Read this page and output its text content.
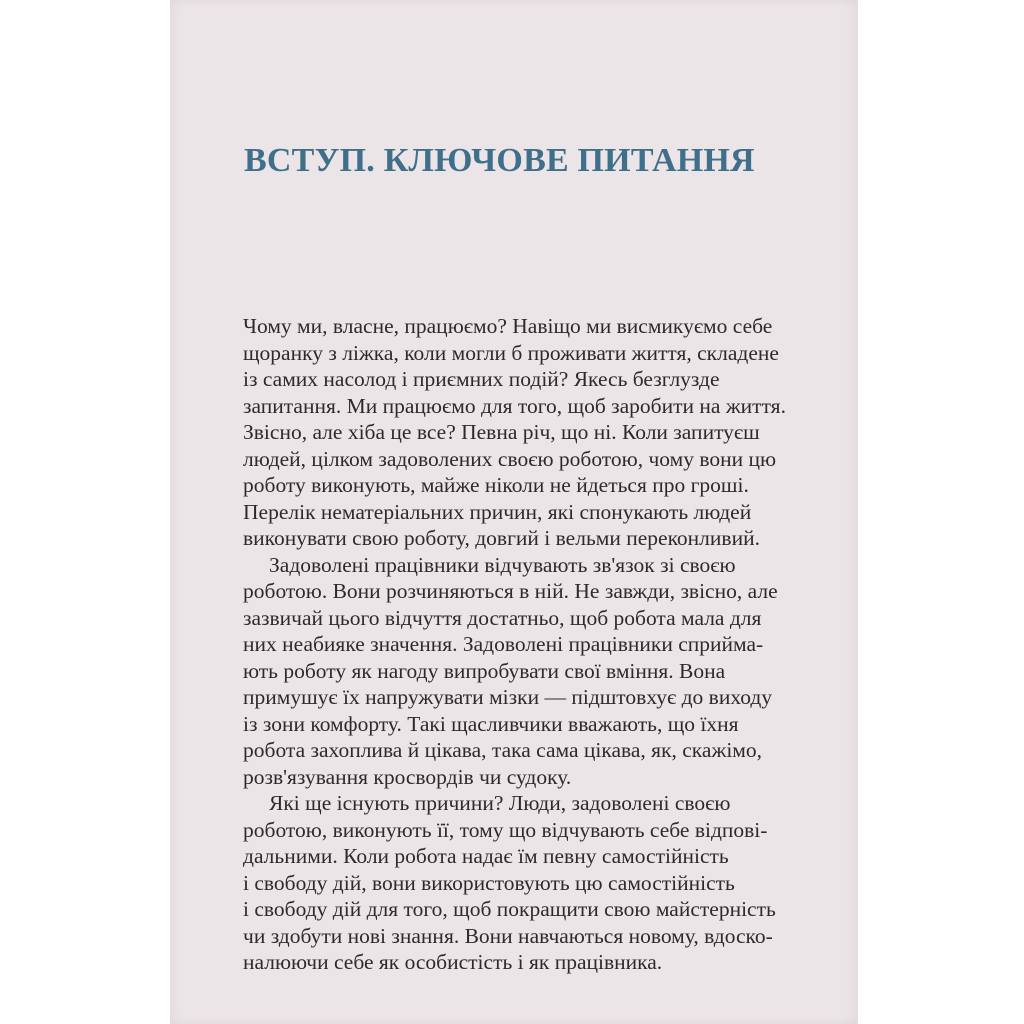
ВСТУП. КЛЮЧОВЕ ПИТАННЯ

Чому ми, власне, працюємо? Навіщо ми висмикуємо себе
щоранку з ліжка, коли могли б проживати життя, складене
із самих насолод і приємних подій? Якесь безглузде
запитання. Ми працюємо для того, щоб заробити на життя.
Звісно, але хіба це все? Певна річ, що ні. Коли запитуєш
людей, цілком задоволених своєю роботою, чому вони цю
роботу виконують, майже ніколи не йдеться про гроші.
Перелік нематеріальних причин, які спонукають людей
виконувати свою роботу, довгий і вельми переконливий.

Задоволені працівники відчувають зв'язок зі своєю
роботою. Вони розчиняються в ній. Не завжди, звісно, але
зазвичай цього відчуття достатньо, щоб робота мала для
них неабияке значення. Задоволені працівники сприйма-
ють роботу як нагоду випробувати свої вміння. Вона
примушує їх напружувати мізки — підштовхує до виходу
із зони комфорту. Такі щасливчики вважають, що їхня
робота захоплива й цікава, така сама цікава, як, скажімо,
розв'язування кросвордів чи судоку.

Які ще існують причини? Люди, задоволені своєю
роботою, виконують її, тому що відчувають себе відпові-
дальними. Коли робота надає їм певну самостійність
і свободу дій, вони використовують цю самостійність
і свободу дій для того, щоб покращити свою майстерність
чи здобути нові знання. Вони навчаються новому, вдоско-
налюючи себе як особистість і як працівника.
